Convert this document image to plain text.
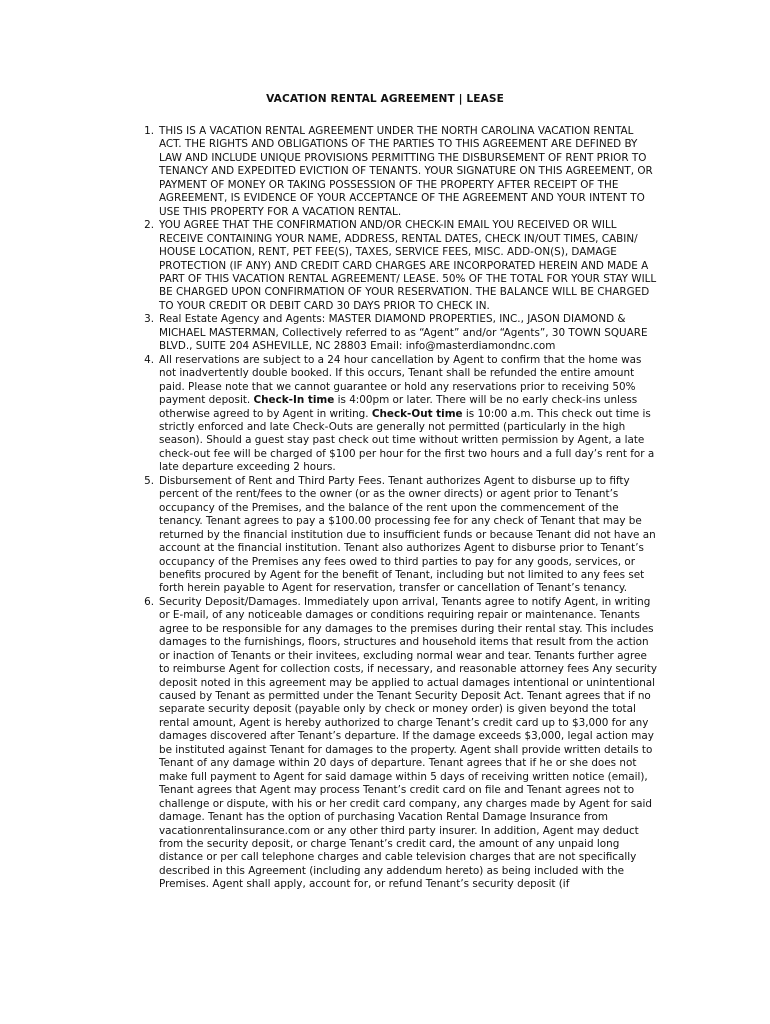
VACATION RENTAL AGREEMENT | LEASE
1. THIS IS A VACATION RENTAL AGREEMENT UNDER THE NORTH CAROLINA VACATION RENTAL ACT. THE RIGHTS AND OBLIGATIONS OF THE PARTIES TO THIS AGREEMENT ARE DEFINED BY LAW AND INCLUDE UNIQUE PROVISIONS PERMITTING THE DISBURSEMENT OF RENT PRIOR TO TENANCY AND EXPEDITED EVICTION OF TENANTS. YOUR SIGNATURE ON THIS AGREEMENT, OR PAYMENT OF MONEY OR TAKING POSSESSION OF THE PROPERTY AFTER RECEIPT OF THE AGREEMENT, IS EVIDENCE OF YOUR ACCEPTANCE OF THE AGREEMENT AND YOUR INTENT TO USE THIS PROPERTY FOR A VACATION RENTAL.
2. YOU AGREE THAT THE CONFIRMATION AND/OR CHECK-IN EMAIL YOU RECEIVED OR WILL RECEIVE CONTAINING YOUR NAME, ADDRESS, RENTAL DATES, CHECK IN/OUT TIMES, CABIN/ HOUSE LOCATION, RENT, PET FEE(S), TAXES, SERVICE FEES, MISC. ADD-ON(S), DAMAGE PROTECTION (IF ANY) AND CREDIT CARD CHARGES ARE INCORPORATED HEREIN AND MADE A PART OF THIS VACATION RENTAL AGREEMENT/ LEASE. 50% OF THE TOTAL FOR YOUR STAY WILL BE CHARGED UPON CONFIRMATION OF YOUR RESERVATION. THE BALANCE WILL BE CHARGED TO YOUR CREDIT OR DEBIT CARD 30 DAYS PRIOR TO CHECK IN.
3. Real Estate Agency and Agents: MASTER DIAMOND PROPERTIES, INC., JASON DIAMOND & MICHAEL MASTERMAN, Collectively referred to as “Agent” and/or “Agents”, 30 TOWN SQUARE BLVD., SUITE 204 ASHEVILLE, NC 28803 Email: info@masterdiamondnc.com
4. All reservations are subject to a 24 hour cancellation by Agent to confirm that the home was not inadvertently double booked. If this occurs, Tenant shall be refunded the entire amount paid. Please note that we cannot guarantee or hold any reservations prior to receiving 50% payment deposit. Check-In time is 4:00pm or later. There will be no early check-ins unless otherwise agreed to by Agent in writing. Check-Out time is 10:00 a.m. This check out time is strictly enforced and late Check-Outs are generally not permitted (particularly in the high season). Should a guest stay past check out time without written permission by Agent, a late check-out fee will be charged of $100 per hour for the first two hours and a full day’s rent for a late departure exceeding 2 hours.
5. Disbursement of Rent and Third Party Fees. Tenant authorizes Agent to disburse up to fifty percent of the rent/fees to the owner (or as the owner directs) or agent prior to Tenant’s occupancy of the Premises, and the balance of the rent upon the commencement of the tenancy. Tenant agrees to pay a $100.00 processing fee for any check of Tenant that may be returned by the financial institution due to insufficient funds or because Tenant did not have an account at the financial institution. Tenant also authorizes Agent to disburse prior to Tenant’s occupancy of the Premises any fees owed to third parties to pay for any goods, services, or benefits procured by Agent for the benefit of Tenant, including but not limited to any fees set forth herein payable to Agent for reservation, transfer or cancellation of Tenant’s tenancy.
6. Security Deposit/Damages. Immediately upon arrival, Tenants agree to notify Agent, in writing or E-mail, of any noticeable damages or conditions requiring repair or maintenance. Tenants agree to be responsible for any damages to the premises during their rental stay. This includes damages to the furnishings, floors, structures and household items that result from the action or inaction of Tenants or their invitees, excluding normal wear and tear. Tenants further agree to reimburse Agent for collection costs, if necessary, and reasonable attorney fees Any security deposit noted in this agreement may be applied to actual damages intentional or unintentional caused by Tenant as permitted under the Tenant Security Deposit Act. Tenant agrees that if no separate security deposit (payable only by check or money order) is given beyond the total rental amount, Agent is hereby authorized to charge Tenant’s credit card up to $3,000 for any damages discovered after Tenant’s departure. If the damage exceeds $3,000, legal action may be instituted against Tenant for damages to the property. Agent shall provide written details to Tenant of any damage within 20 days of departure. Tenant agrees that if he or she does not make full payment to Agent for said damage within 5 days of receiving written notice (email), Tenant agrees that Agent may process Tenant’s credit card on file and Tenant agrees not to challenge or dispute, with his or her credit card company, any charges made by Agent for said damage. Tenant has the option of purchasing Vacation Rental Damage Insurance from vacationrentalinsurance.com or any other third party insurer. In addition, Agent may deduct from the security deposit, or charge Tenant’s credit card, the amount of any unpaid long distance or per call telephone charges and cable television charges that are not specifically described in this Agreement (including any addendum hereto) as being included with the Premises. Agent shall apply, account for, or refund Tenant’s security deposit (if
